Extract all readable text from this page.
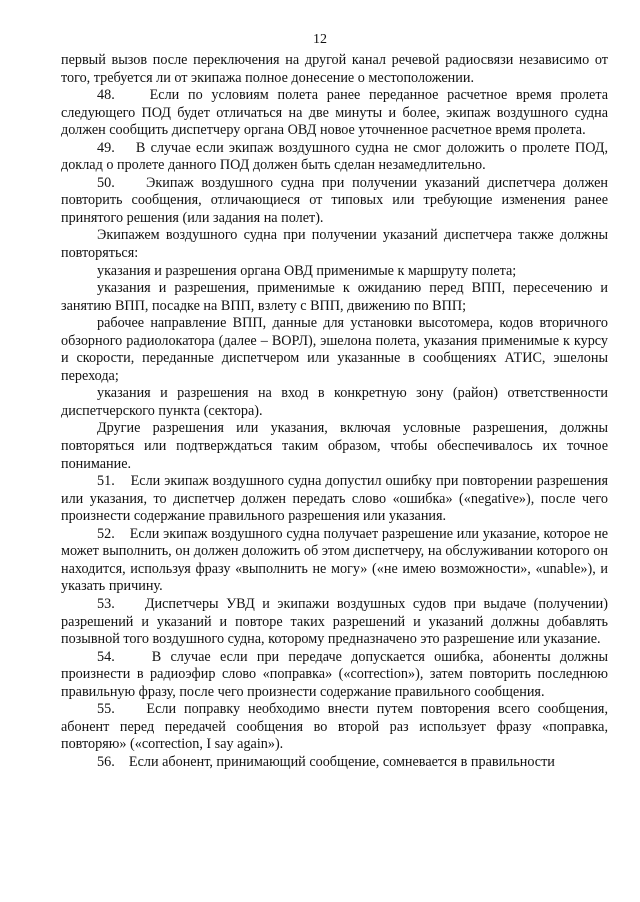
12

первый вызов после переключения на другой канал речевой радиосвязи независимо от того, требуется ли от экипажа полное донесение о местоположении.

48.    Если по условиям полета ранее переданное расчетное время пролета следующего ПОД будет отличаться на две минуты и более, экипаж воздушного судна должен сообщить диспетчеру органа ОВД новое уточненное расчетное время пролета.

49.    В случае если экипаж воздушного судна не смог доложить о пролете ПОД, доклад о пролете данного ПОД должен быть сделан незамедлительно.

50.    Экипаж воздушного судна при получении указаний диспетчера должен повторить сообщения, отличающиеся от типовых или требующие изменения ранее принятого решения (или задания на полет).

Экипажем воздушного судна при получении указаний диспетчера также должны повторяться:

указания и разрешения органа ОВД применимые к маршруту полета;

указания и разрешения, применимые к ожиданию перед ВПП, пересечению и занятию ВПП, посадке на ВПП, взлету с ВПП, движению по ВПП;

рабочее направление ВПП, данные для установки высотомера, кодов вторичного обзорного радиолокатора (далее – ВОРЛ), эшелона полета, указания применимые к курсу и скорости, переданные диспетчером или указанные в сообщениях АТИС, эшелоны перехода;

указания и разрешения на вход в конкретную зону (район) ответственности диспетчерского пункта (сектора).

Другие разрешения или указания, включая условные разрешения, должны повторяться или подтверждаться таким образом, чтобы обеспечивалось их точное понимание.

51.    Если экипаж воздушного судна допустил ошибку при повторении разрешения или указания, то диспетчер должен передать слово «ошибка» («negative»), после чего произнести содержание правильного разрешения или указания.

52.    Если экипаж воздушного судна получает разрешение или указание, которое не может выполнить, он должен доложить об этом диспетчеру, на обслуживании которого он находится, используя фразу «выполнить не могу» («не имею возможности», «unable»), и указать причину.

53.    Диспетчеры УВД и экипажи воздушных судов при выдаче (получении) разрешений и указаний и повторе таких разрешений и указаний должны добавлять позывной того воздушного судна, которому предназначено это разрешение или указание.

54.    В случае если при передаче допускается ошибка, абоненты должны произнести в радиоэфир слово «поправка» («correction»), затем повторить последнюю правильную фразу, после чего произнести содержание правильного сообщения.

55.    Если поправку необходимо внести путем повторения всего сообщения, абонент перед передачей сообщения во второй раз использует фразу «поправка, повторяю» («correction, I say again»).

56.    Если абонент, принимающий сообщение, сомневается в правильности
